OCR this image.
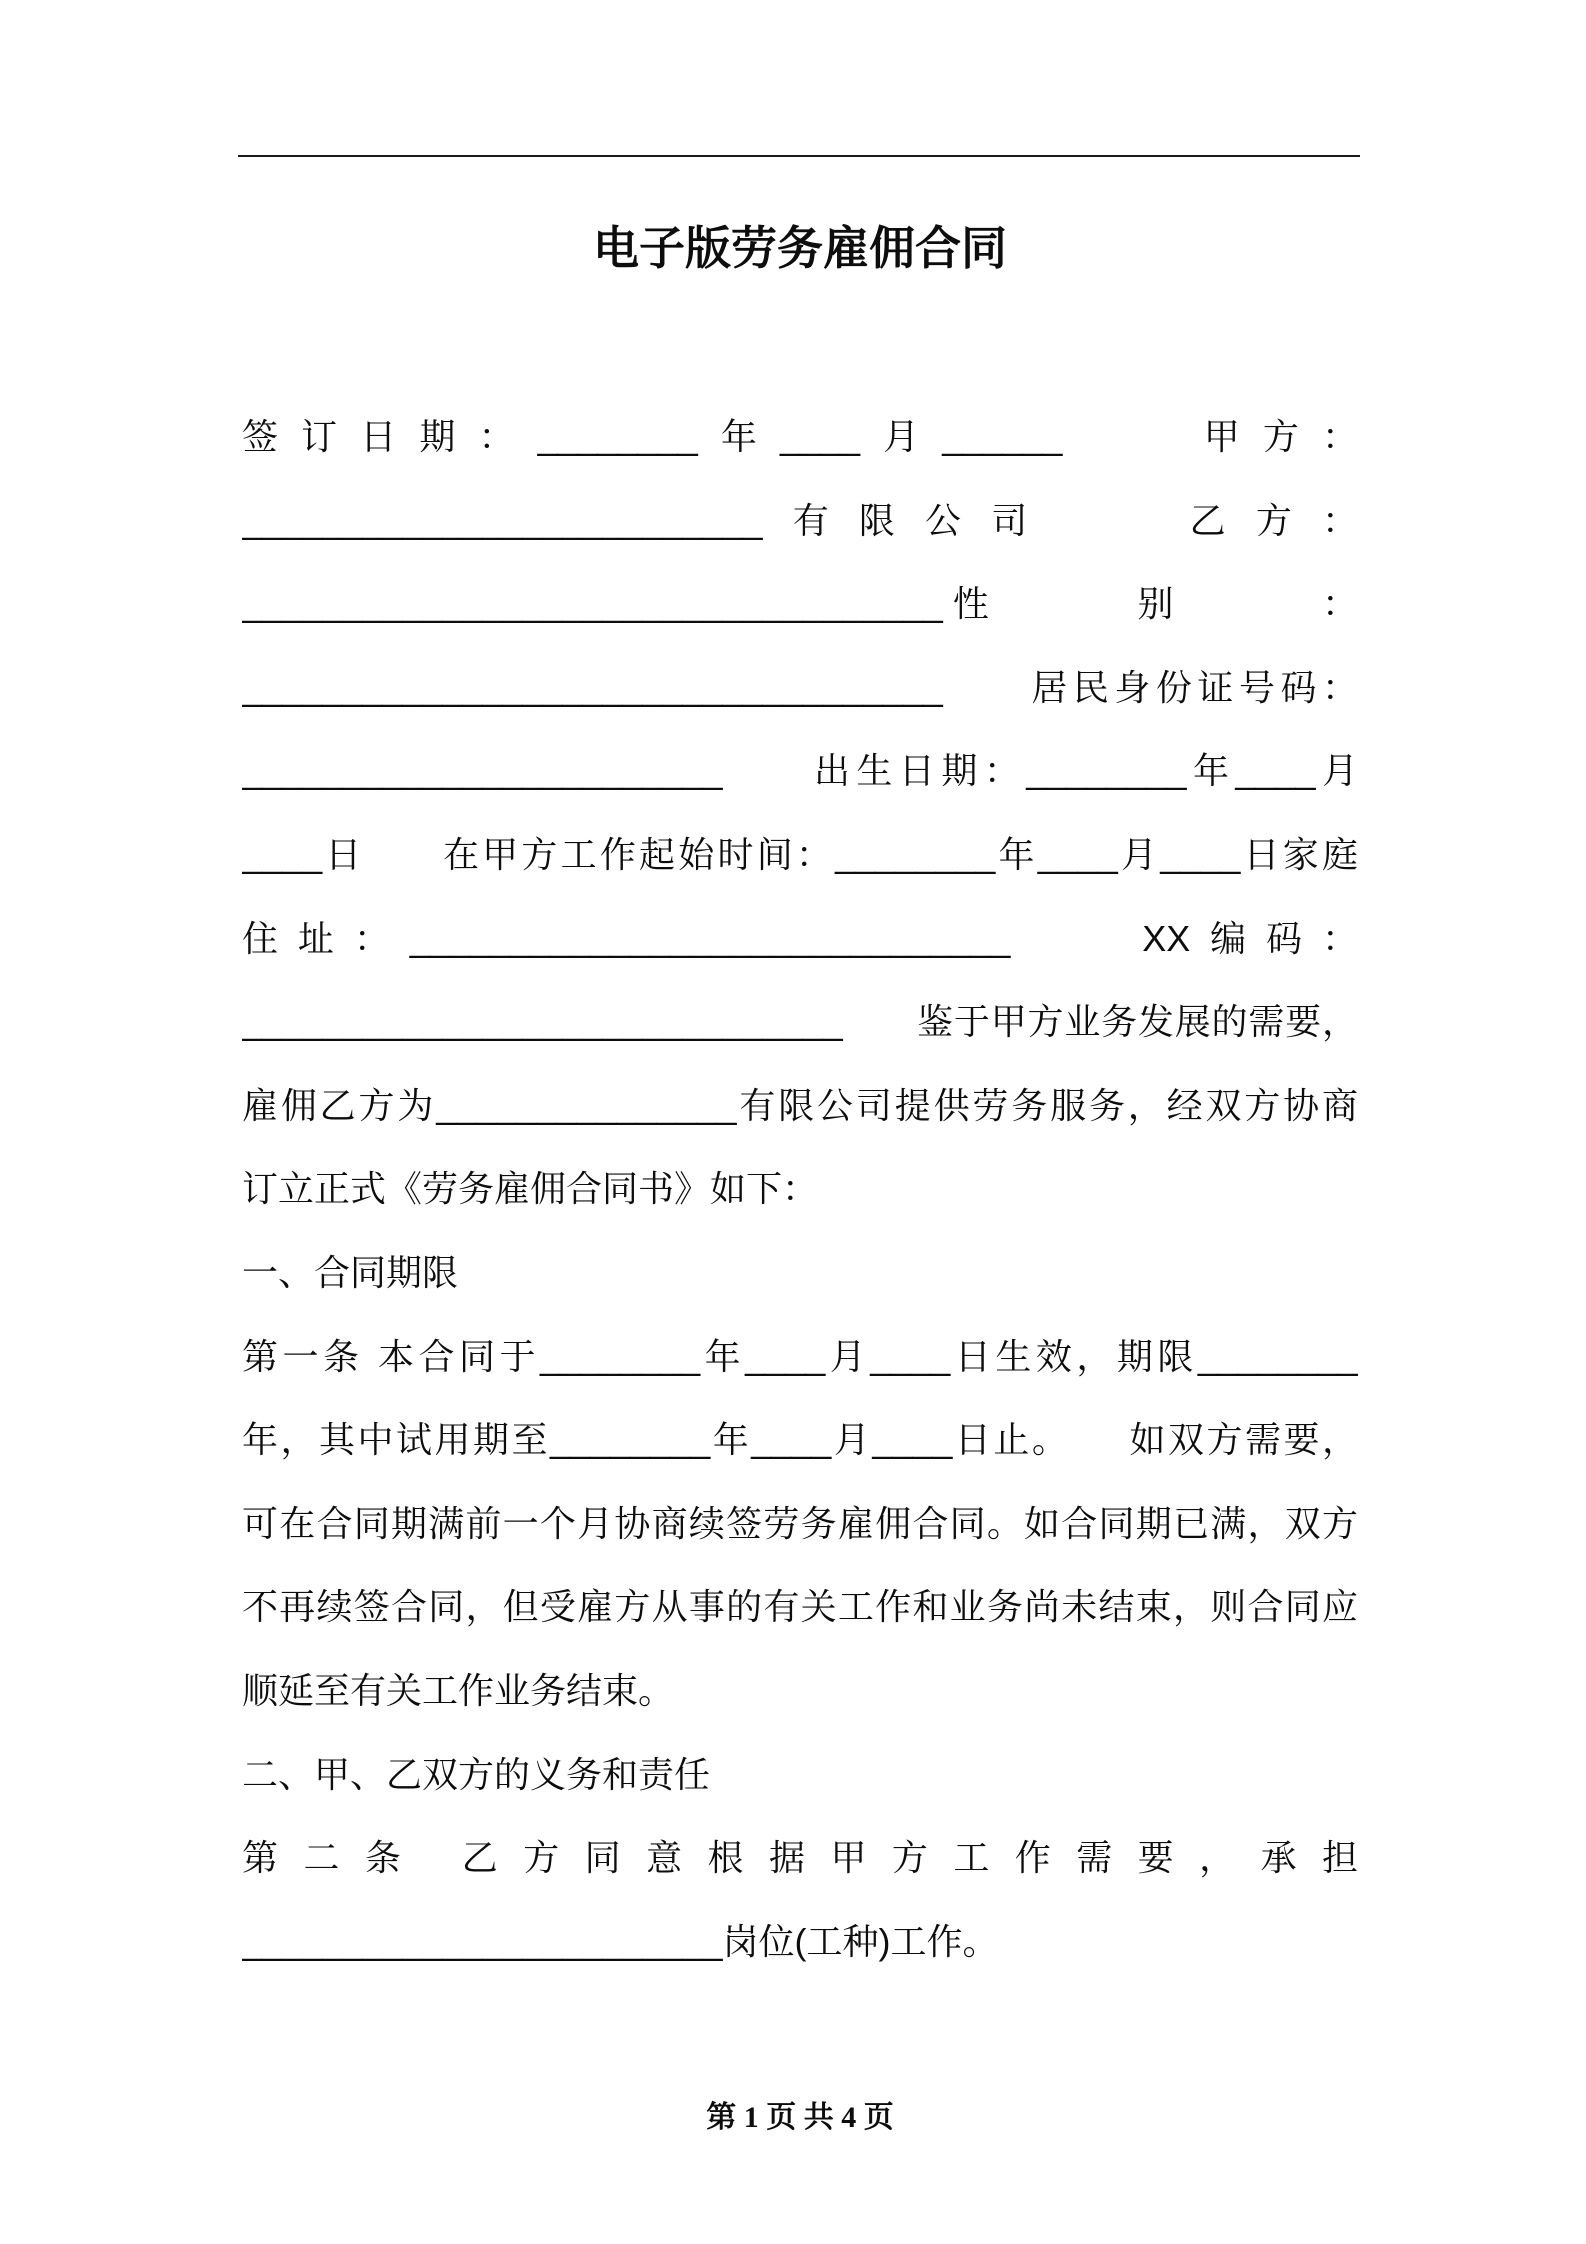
电子版劳务雇佣合同
签订日期：________年____月______　　甲方：
__________________________有限公司　　乙方：
___________________________________性　　　别　　　：
___________________________________　　居民身份证号码：
________________________　　出生日期：________年____月
____日　　在甲方工作起始时间：________年____月____日家庭
住址：______________________________　　XX编码：
______________________________　　鉴于甲方业务发展的需要，
雇佣乙方为_______________有限公司提供劳务服务，经双方协商
订立正式《劳务雇佣合同书》如下：
一、合同期限
第一条 本合同于________年____月____日生效，期限________
年，其中试用期至________年____月____日止。　　如双方需要，
可在合同期满前一个月协商续签劳务雇佣合同。如合同期已满，双方
不再续签合同，但受雇方从事的有关工作和业务尚未结束，则合同应
顺延至有关工作业务结束。
二、甲、乙双方的义务和责任
第二条 乙方同意根据甲方工作需要，承担
________________________岗位(工种)工作。
第 1 页 共 4 页
